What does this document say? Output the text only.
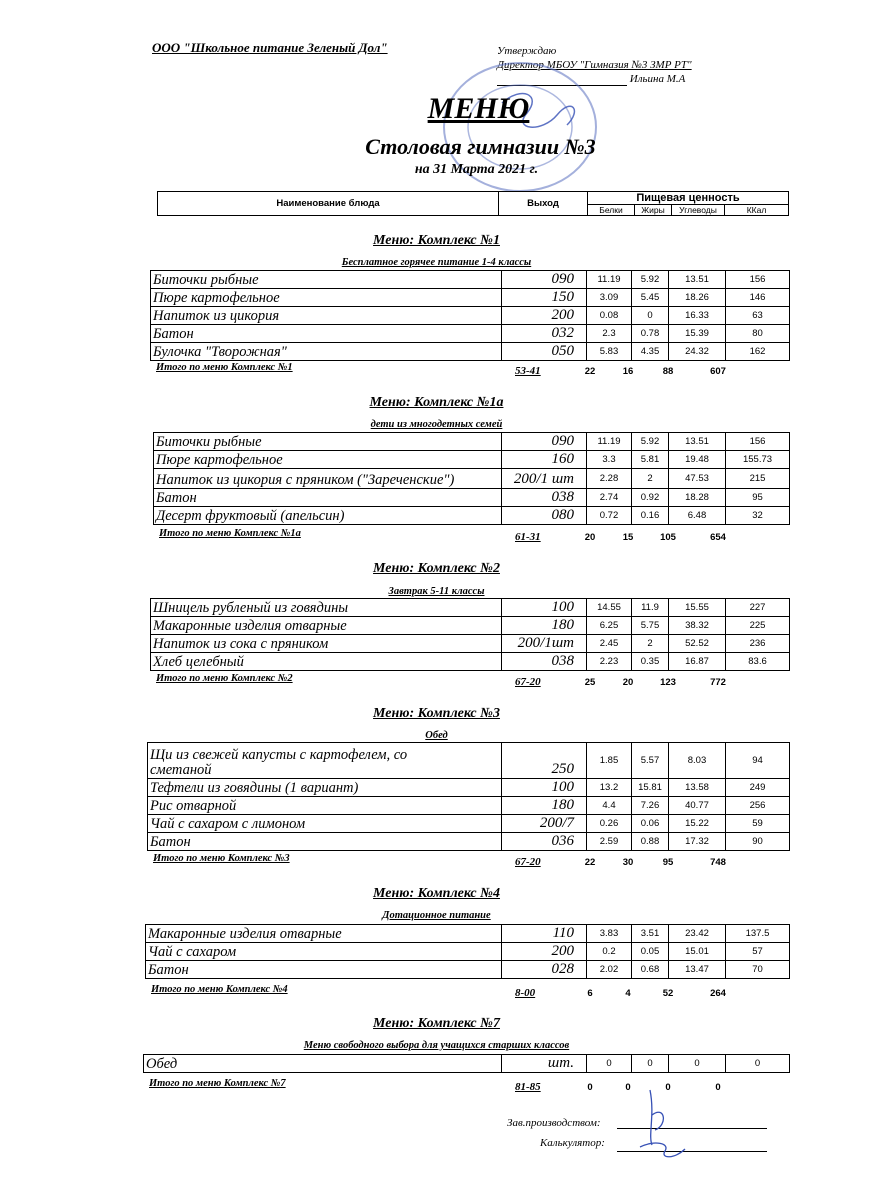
ООО "Школьное питание Зеленый Дол"	Утверждаю
Директор МБОУ "Гимназия №3 ЗМР РТ"
Ильина М.А
МЕНЮ
Столовая гимназии №3
на 31 Марта 2021 г.
Наименование блюда	Выход	Пищевая ценность			
		Белки	Жиры	Углеводы	ККал
Меню: Комплекс №1
Бесплатное горячее питание 1-4 классы
Биточки рыбные	090	11.19	5.92	13.51	156
Пюре картофельное	150	3.09	5.45	18.26	146
Напиток из цикория	200	0.08	0	16.33	63
Батон	032	2.3	0.78	15.39	80
Булочка "Творожная"	050	5.83	4.35	24.32	162
Итого по меню Комплекс №1	53-41	22	16	88	607
Меню: Комплекс №1а
дети из многодетных семей
Биточки рыбные	090	11.19	5.92	13.51	156
Пюре картофельное	160	3.3	5.81	19.48	155.73
Напиток из цикория с пряником ("Зареченские")	200/1 шт	2.28	2	47.53	215
Батон	038	2.74	0.92	18.28	95
Десерт фруктовый (апельсин)	080	0.72	0.16	6.48	32
Итого по меню Комплекс №1а	61-31	20	15	105	654
Меню: Комплекс №2
Завтрак 5-11 классы
Шницель рубленый из говядины	100	14.55	11.9	15.55	227
Макаронные изделия отварные	180	6.25	5.75	38.32	225
Напиток из сока с пряником	200/1шт	2.45	2	52.52	236
Хлеб целебный	038	2.23	0.35	16.87	83.6
Итого по меню Комплекс №2	67-20	25	20	123	772
Меню: Комплекс №3
Обед
Щи из свежей капусты с картофелем, со
сметаной	250	1.85	5.57	8.03	94
Тефтели из говядины (1 вариант)	100	13.2	15.81	13.58	249
Рис отварной	180	4.4	7.26	40.77	256
Чай с сахаром с лимоном	200/7	0.26	0.06	15.22	59
Батон	036	2.59	0.88	17.32	90
Итого по меню Комплекс №3	67-20	22	30	95	748
Меню: Комплекс №4
Дотационное питание
Макаронные изделия отварные	110	3.83	3.51	23.42	137.5
Чай с сахаром	200	0.2	0.05	15.01	57
Батон	028	2.02	0.68	13.47	70
Итого по меню Комплекс №4	8-00	6	4	52	264
Меню: Комплекс №7
Меню свободного выбора для учащихся старших классов
Обед	шт.	0	0	0	0
Итого по меню Комплекс №7	81-85	0	0	0	0
Зав.производством:
Калькулятор:
